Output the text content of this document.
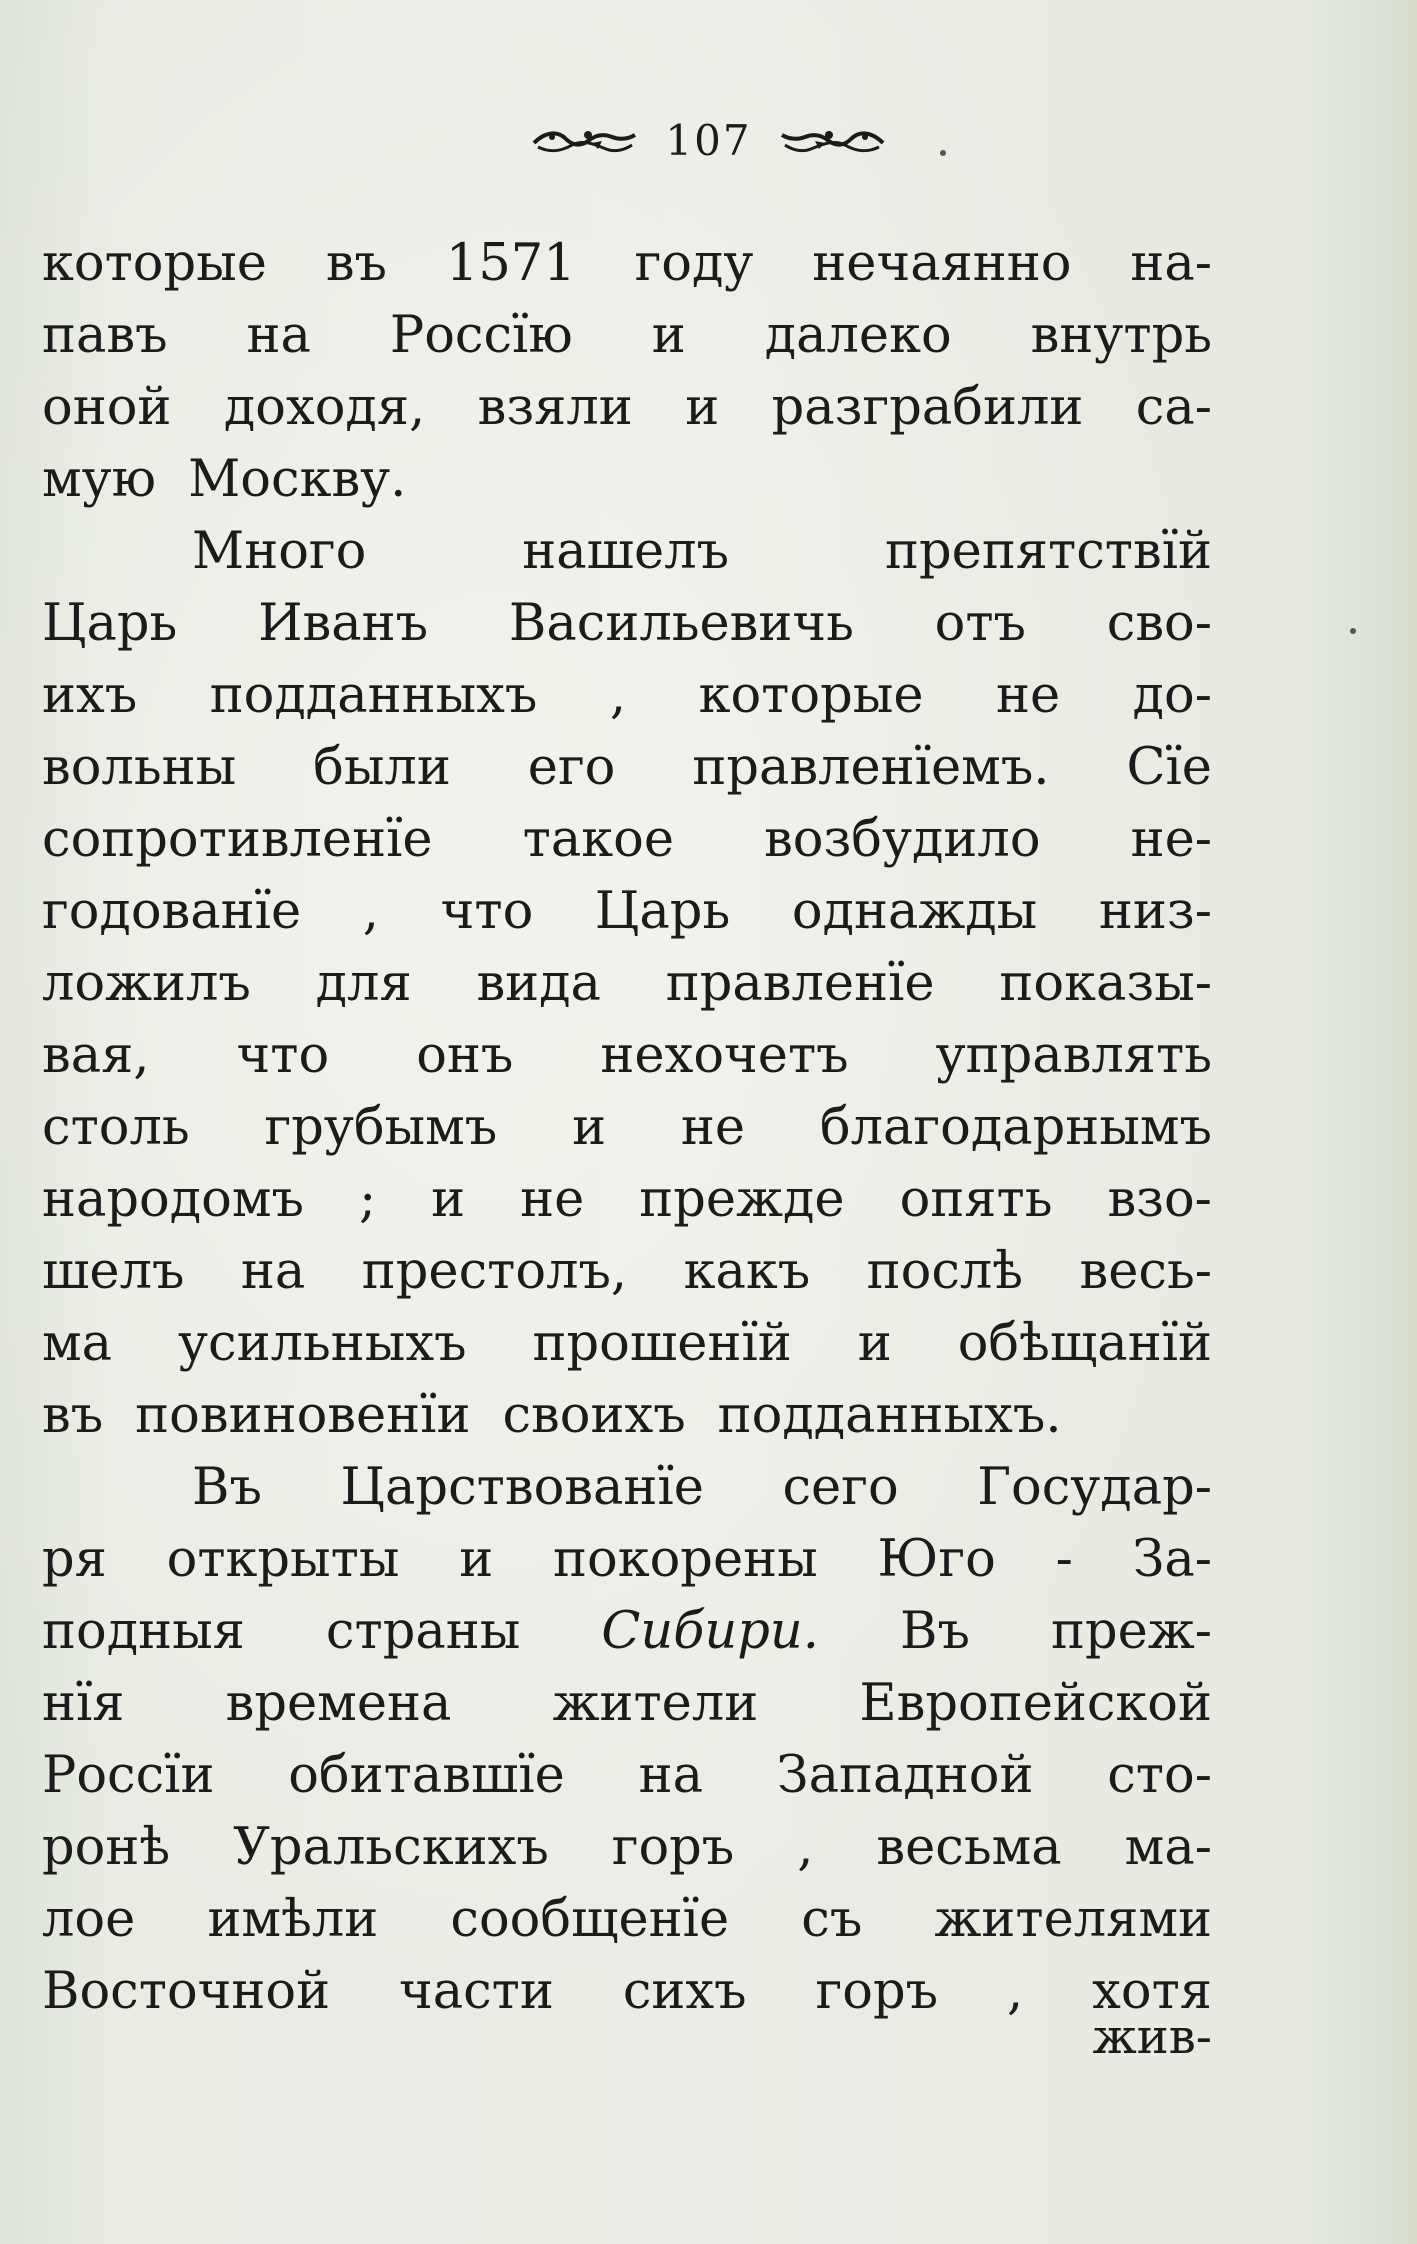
107
которые въ 1571 году нечаянно на-
павъ на Россїю и далеко внутрь
оной доходя, взяли и разграбили са-
мую Москву.
Много	нашелъ	препятствїй
Царь Иванъ Васильевичь отъ сво-
ихъ подданныхъ , которые не до-
вольны были его правленїемъ. Сїе
сопротивленїе такое возбудило не-
годованїе , что Царь однажды низ-
ложилъ для вида правленїе показы-
вая, что онъ нехочетъ управлять
столь грубымъ и не благодарнымъ
народомъ ; и не прежде опять взо-
шелъ на престолъ, какъ послѣ весь-
ма усильныхъ прошенїй и обѣщанїй
въ повиновенїи своихъ подданныхъ.
Въ Царствованїе сего Государ-
ря открыты и покорены Юго - За-
подныя страны Сибири. Въ преж-
нїя времена жители Европейской
Россїи обитавшїе на Западной сто-
ронѣ Уральскихъ горъ , весьма ма-
лое имѣли сообщенїе съ жителями
Восточной части сихъ горъ , хотя
жив-
